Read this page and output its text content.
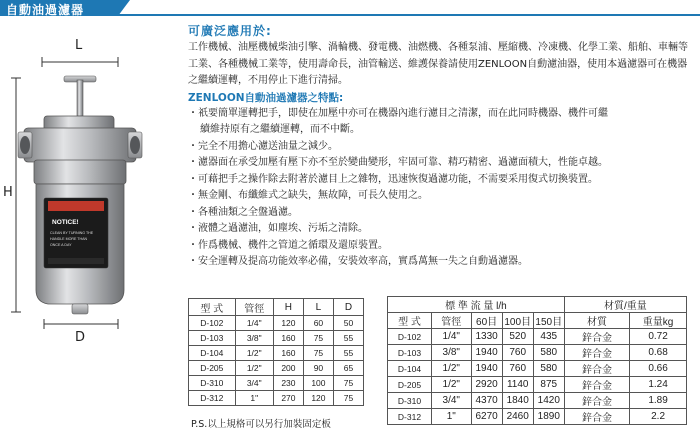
自動油過濾器
NOTICE!
CLEAN BY TURNING THE
HANDLE MORE THAN
ONCE A DAY
L
H
D
可廣泛應用於:

工作機械、油壓機械柴油引擎、渦輪機、發電機、油燃機、各種泵浦、壓縮機、冷凍機、化學工業、船舶、車輛等工業、各種機械工業等，使用壽命長，油管輸送、維護保養請使用ZENLOON自動濾油器，使用本過濾器可在機器之繼續運轉，不用停止下進行清掃。

ZENLOON自動油過濾器之特點:

・祇要簡單運轉把手，即使在加壓中亦可在機器內進行濾目之清潔，而在此同時機器、機件可繼

續維持原有之繼續運轉，而不中斷。

・完全不用擔心濾送油量之減少。

・濾器面在承受加壓有壓下亦不至於變曲變形，牢固可靠、精巧精密、過濾面積大，性能卓越。

・可藉把手之操作除去附著於濾目上之雜物，迅速恢復過濾功能，不需要采用復式切換裝置。

・無金剛、布纖維式之缺失，無故障，可長久使用之。

・各種油類之全盤過濾。

・液體之過濾油，如塵埃、污垢之清除。

・作爲機械、機件之管道之循環及還原裝置。

・安全運轉及提高功能效率必備，安裝效率高，實爲萬無一失之自動過濾器。

型 式	管徑	H	L	D
D-102	1/4"	120	60	50
D-103	3/8"	160	75	55
D-104	1/2"	160	75	55
D-205	1/2"	200	90	65
D-310	3/4"	230	100	75
D-312	1"	270	120	75
標 準 流 量 l/h					材質/重量	
型 式	管徑	60目	100目	150目	材質	重量kg
D-102	1/4"	1330	520	435	鋅合金	0.72
D-103	3/8"	1940	760	580	鋅合金	0.68
D-104	1/2"	1940	760	580	鋅合金	0.66
D-205	1/2"	2920	1140	875	鋅合金	1.24
D-310	3/4"	4370	1840	1420	鋅合金	1.89
D-312	1"	6270	2460	1890	鋅合金	2.2
P.S.以上規格可以另行加裝固定板
